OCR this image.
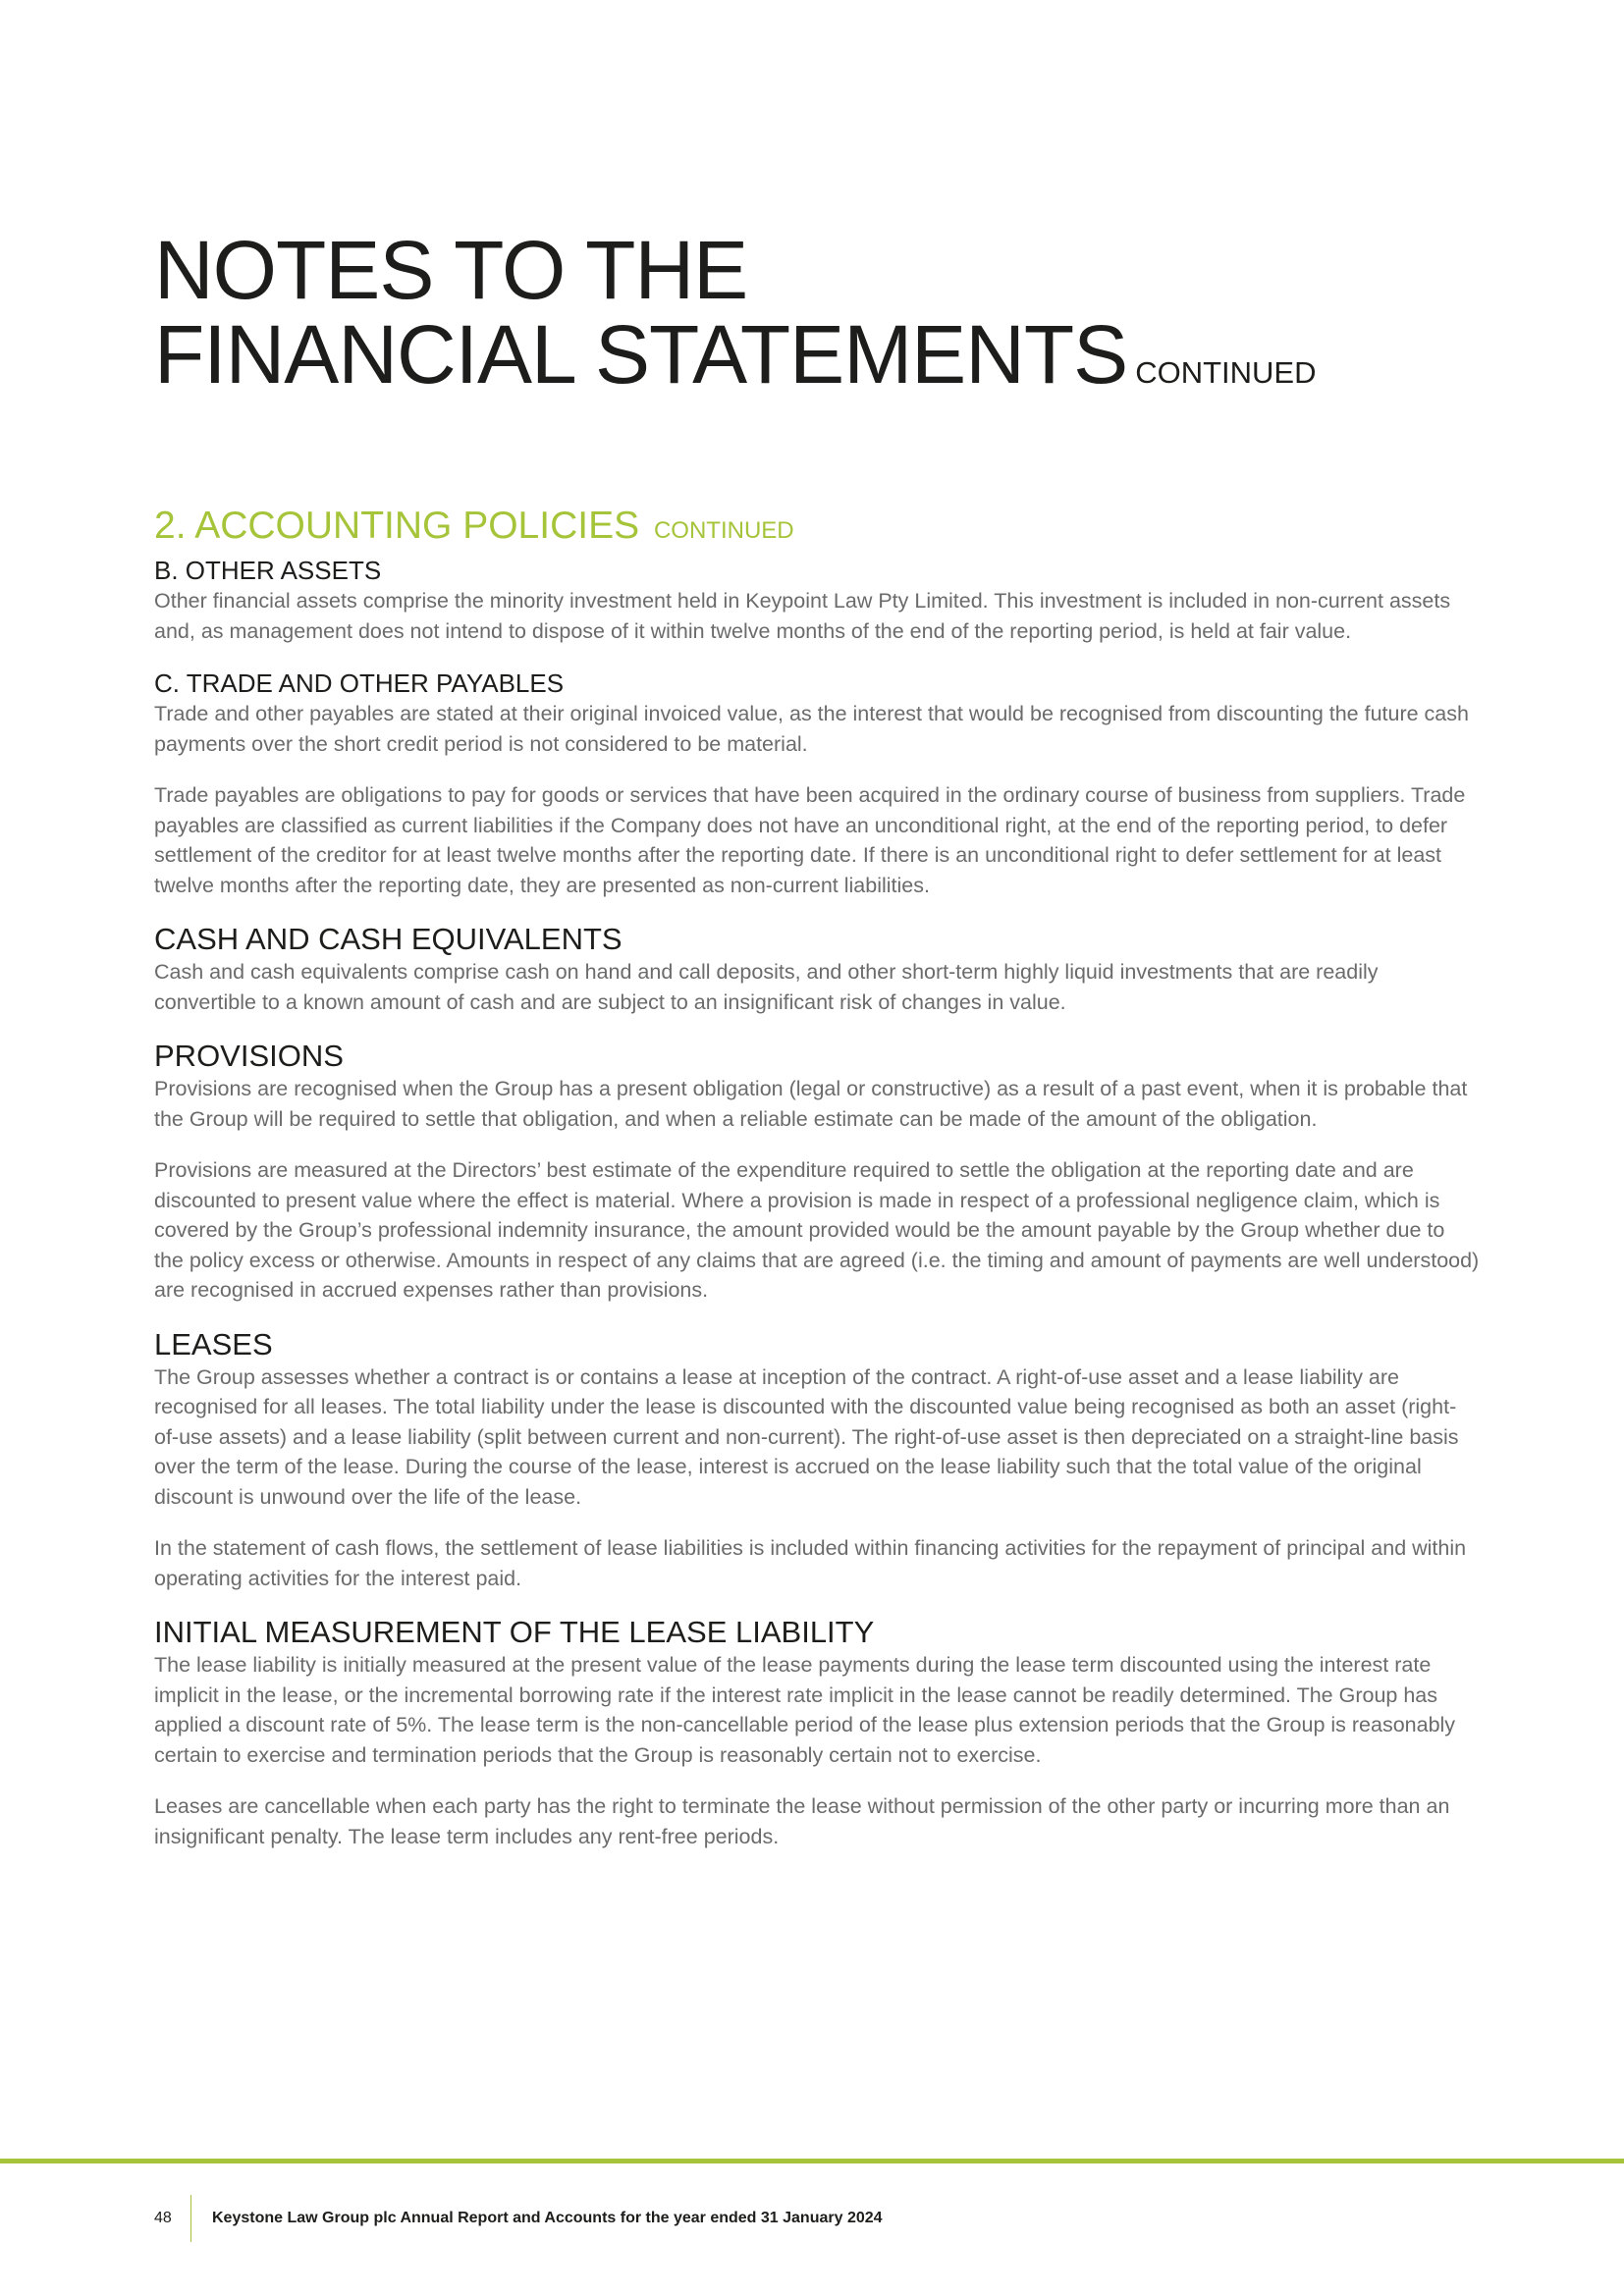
NOTES TO THE
FINANCIAL STATEMENTS CONTINUED
2. ACCOUNTING POLICIES CONTINUED
B. OTHER ASSETS

Other financial assets comprise the minority investment held in Keypoint Law Pty Limited. This investment is included in non-current assets and, as management does not intend to dispose of it within twelve months of the end of the reporting period, is held at fair value.

C. TRADE AND OTHER PAYABLES

Trade and other payables are stated at their original invoiced value, as the interest that would be recognised from discounting the future cash payments over the short credit period is not considered to be material.

Trade payables are obligations to pay for goods or services that have been acquired in the ordinary course of business from suppliers. Trade payables are classified as current liabilities if the Company does not have an unconditional right, at the end of the reporting period, to defer settlement of the creditor for at least twelve months after the reporting date. If there is an unconditional right to defer settlement for at least twelve months after the reporting date, they are presented as non-current liabilities.

CASH AND CASH EQUIVALENTS

Cash and cash equivalents comprise cash on hand and call deposits, and other short-term highly liquid investments that are readily convertible to a known amount of cash and are subject to an insignificant risk of changes in value.

PROVISIONS

Provisions are recognised when the Group has a present obligation (legal or constructive) as a result of a past event, when it is probable that the Group will be required to settle that obligation, and when a reliable estimate can be made of the amount of the obligation.

Provisions are measured at the Directors’ best estimate of the expenditure required to settle the obligation at the reporting date and are discounted to present value where the effect is material. Where a provision is made in respect of a professional negligence claim, which is covered by the Group’s professional indemnity insurance, the amount provided would be the amount payable by the Group whether due to the policy excess or otherwise. Amounts in respect of any claims that are agreed (i.e. the timing and amount of payments are well understood) are recognised in accrued expenses rather than provisions.

LEASES

The Group assesses whether a contract is or contains a lease at inception of the contract. A right-of-use asset and a lease liability are recognised for all leases. The total liability under the lease is discounted with the discounted value being recognised as both an asset (right-of-use assets) and a lease liability (split between current and non-current). The right-of-use asset is then depreciated on a straight-line basis over the term of the lease. During the course of the lease, interest is accrued on the lease liability such that the total value of the original discount is unwound over the life of the lease.

In the statement of cash flows, the settlement of lease liabilities is included within financing activities for the repayment of principal and within operating activities for the interest paid.

INITIAL MEASUREMENT OF THE LEASE LIABILITY

The lease liability is initially measured at the present value of the lease payments during the lease term discounted using the interest rate implicit in the lease, or the incremental borrowing rate if the interest rate implicit in the lease cannot be readily determined. The Group has applied a discount rate of 5%. The lease term is the non-cancellable period of the lease plus extension periods that the Group is reasonably certain to exercise and termination periods that the Group is reasonably certain not to exercise.

Leases are cancellable when each party has the right to terminate the lease without permission of the other party or incurring more than an insignificant penalty. The lease term includes any rent-free periods.

48	Keystone Law Group plc Annual Report and Accounts for the year ended 31 January 2024
